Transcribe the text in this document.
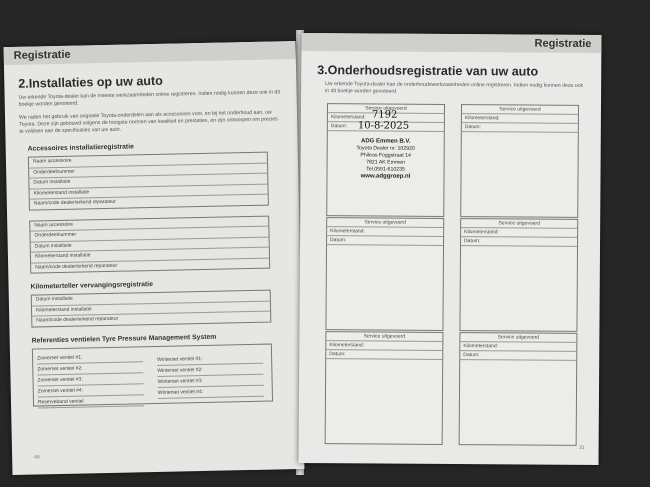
Registratie
2.Installaties op uw auto

Uw erkende Toyota-dealer kan de meeste werkzaamheden online registreren. Indien nodig kunnen deze ook in dit boekje worden genoteerd.

We raden het gebruik van originele Toyota-onderdelen aan als accessoires voor, en bij het onderhoud aan, uw Toyota. Deze zijn gebouwd volgens de hoogste normen van kwaliteit en prestaties, en zijn ontworpen om precies te voldoen aan de specificaties van uw auto.

Accessoires installatieregistratie
Naam accessoire
Onderdeelnummer
Datum installatie
Kilometerstand installatie
Naam/code dealer/erkend reparateur
Naam accessoire
Onderdeelnummer
Datum installatie
Kilometerstand installatie
Naam/code dealer/erkend reparateur
Kilometerteller vervangingsregistratie
Datum installatie
Kilometerstand installatie
Naam/code dealer/erkend reparateur
Referenties ventielen Tyre Pressure Management System
Zomerset ventiel #1:
Zomerset ventiel #2:
Zomerset ventiel #3:
Zomerset ventiel #4:
Reserveband ventiel
Winterset ventiel #1:
Winterset ventiel #2:
Winterset ventiel #3:
Winterset ventiel #4:
46
Registratie
3.Onderhoudsregistratie van uw auto

Uw erkende Toyota-dealer kan de onderhoudswerkzaamheden online registreren. Indien nodig kunnen deze ook in dit boekje worden genoteerd.

Service uitgevoerd
Kilometerstand:
Datum:
7192
10-8-2025
ADG Emmen B.V.
Toyota Dealer nr: 102920
Phileas Foggstraat 14
7821 AK Emmen
Tel.0591-610235
www.adggroep.nl
Service uitgevoerd
Kilometerstand:
Datum:
Service uitgevoerd
Kilometerstand:
Datum:
Service uitgevoerd
Kilometerstand:
Datum:
Service uitgevoerd
Kilometerstand:
Datum:
Service uitgevoerd
Kilometerstand:
Datum:
31
